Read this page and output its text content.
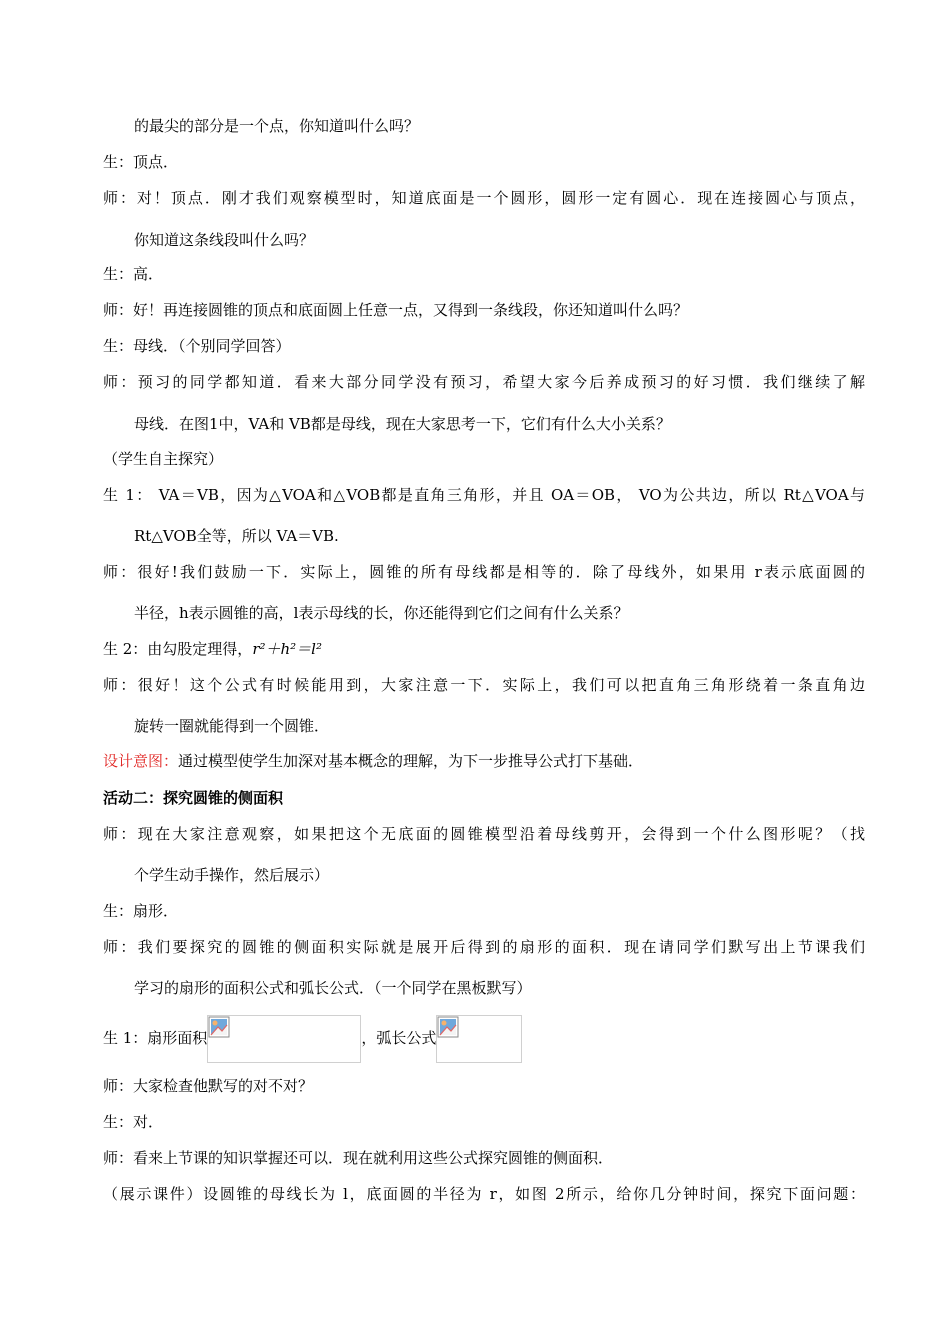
的最尖的部分是一个点，你知道叫什么吗？
生：顶点．
师：对！顶点．刚才我们观察模型时，知道底面是一个圆形，圆形一定有圆心．现在连接圆心与顶点，
你知道这条线段叫什么吗？
生：高．
师：好！再连接圆锥的顶点和底面圆上任意一点，又得到一条线段，你还知道叫什么吗？
生：母线．（个别同学回答）
师：预习的同学都知道．看来大部分同学没有预习，希望大家今后养成预习的好习惯．我们继续了解
母线．在图1中，VA和 VB都是母线，现在大家思考一下，它们有什么大小关系？
（学生自主探究）
生 1： VA＝VB，因为△VOA和△VOB都是直角三角形，并且 OA＝OB， VO为公共边，所以 Rt△VOA与
Rt△VOB全等，所以 VA＝VB.
师：很好!我们鼓励一下．实际上，圆锥的所有母线都是相等的．除了母线外，如果用 r表示底面圆的
半径，h表示圆锥的高，l表示母线的长，你还能得到它们之间有什么关系？
生 2：由勾股定理得，r²＋h²＝l²
师：很好！这个公式有时候能用到，大家注意一下．实际上，我们可以把直角三角形绕着一条直角边
旋转一圈就能得到一个圆锥．
设计意图：通过模型使学生加深对基本概念的理解，为下一步推导公式打下基础．
活动二：探究圆锥的侧面积
师：现在大家注意观察，如果把这个无底面的圆锥模型沿着母线剪开，会得到一个什么图形呢？（找
个学生动手操作，然后展示）
生：扇形．
师：我们要探究的圆锥的侧面积实际就是展开后得到的扇形的面积．现在请同学们默写出上节课我们
学习的扇形的面积公式和弧长公式．（一个同学在黑板默写）
生 1：扇形面积	，弧长公式
师：大家检查他默写的对不对？
生：对．
师：看来上节课的知识掌握还可以．现在就利用这些公式探究圆锥的侧面积．
（展示课件）设圆锥的母线长为 l，底面圆的半径为 r，如图 2所示，给你几分钟时间，探究下面问题：
